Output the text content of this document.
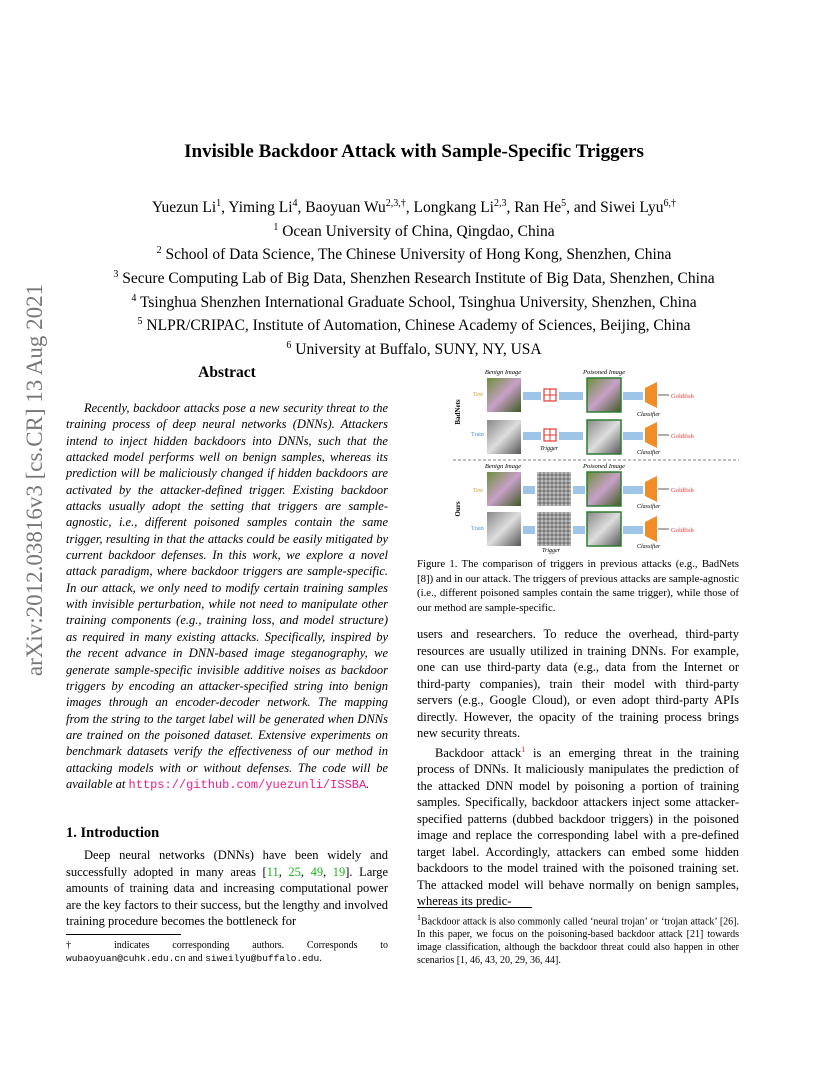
arXiv:2012.03816v3 [cs.CR] 13 Aug 2021
Invisible Backdoor Attack with Sample-Specific Triggers
Yuezun Li$^1$, Yiming Li$^4$, Baoyuan $Wu^{2,3,\dagger}$, Longkang Li$^{2,3}$, Ran He$^5$, and Siwei Lyu$^{6,\dagger}$
$^1$ Ocean University of China, Qingdao, China
$^2$ School of Data Science, The Chinese University of Hong Kong, Shenzhen, China
$^3$ Secure Computing Lab of Big Data, Shenzhen Research Institute of Big Data, Shenzhen, China
$^4$ Tsinghua Shenzhen International Graduate School, Tsinghua University, Shenzhen, China
$^5$ NLPR/CRIPAC, Institute of Automation, Chinese Academy of Sciences, Beijing, China
$^6$ University at Buffalo, SUNY, NY, USA
Abstract

Recently, backdoor attacks pose a new security threat to the training process of deep neural networks (DNNs). Attackers intend to inject hidden backdoors into DNNs, such that the attacked model performs well on benign samples, whereas its prediction will be maliciously changed if hidden backdoors are activated by the attacker-defined trigger. Existing backdoor attacks usually adopt the setting that triggers are sample-agnostic, i.e., different poisoned samples contain the same trigger, resulting in that the attacks could be easily mitigated by current backdoor defenses. In this work, we explore a novel attack paradigm, where backdoor triggers are sample-specific. In our attack, we only need to modify certain training samples with invisible perturbation, while not need to manipulate other training components (e.g., training loss, and model structure) as required in many existing attacks. Specifically, inspired by the recent advance in DNN-based image steganography, we generate sample-specific invisible additive noises as backdoor triggers by encoding an attacker-specified string into benign images through an encoder-decoder network. The mapping from the string to the target label will be generated when DNNs are trained on the poisoned dataset. Extensive experiments on benchmark datasets verify the effectiveness of our method in attacking models with or without defenses. The code will be available at https://github.com/yuezunli/ISSBA.

1. Introduction

Deep neural networks (DNNs) have been widely and successfully adopted in many areas [11, 25, 49, 19]. Large amounts of training data and increasing computational power are the key factors to their success, but the lengthy and involved training procedure becomes the bottleneck for

† indicates corresponding authors. Corresponds to wubaoyuan@cuhk.edu.cn and siweilyu@buffalo.edu.

Benign Image	Poisoned Image
BadNets
Test	Goldfish
Classifier
Train	Goldfish
Trigger
Classifier
Benign Image	Poisoned Image
Ours
Test	Goldfish
Classifier
Train	Goldfish
Trigger
Classifier

Figure 1. The comparison of triggers in previous attacks (e.g., BadNets [8]) and in our attack. The triggers of previous attacks are sample-agnostic (i.e., different poisoned samples contain the same trigger), while those of our method are sample-specific.

users and researchers. To reduce the overhead, third-party resources are usually utilized in training DNNs. For example, one can use third-party data (e.g., data from the Internet or third-party companies), train their model with third-party servers (e.g., Google Cloud), or even adopt third-party APIs directly. However, the opacity of the training process brings new security threats.

Backdoor attack$^1$ is an emerging threat in the training process of DNNs. It maliciously manipulates the prediction of the attacked DNN model by poisoning a portion of training samples. Specifically, backdoor attackers inject some attacker-specified patterns (dubbed backdoor triggers) in the poisoned image and replace the corresponding label with a pre-defined target label. Accordingly, attackers can embed some hidden backdoors to the model trained with the poisoned training set. The attacked model will behave normally on benign samples, whereas its predic-

$^1$Backdoor attack is also commonly called ‘neural trojan’ or ‘trojan attack’ [26]. In this paper, we focus on the poisoning-based backdoor attack [21] towards image classification, although the backdoor threat could also happen in other scenarios [1, 46, 43, 20, 29, 36, 44].
